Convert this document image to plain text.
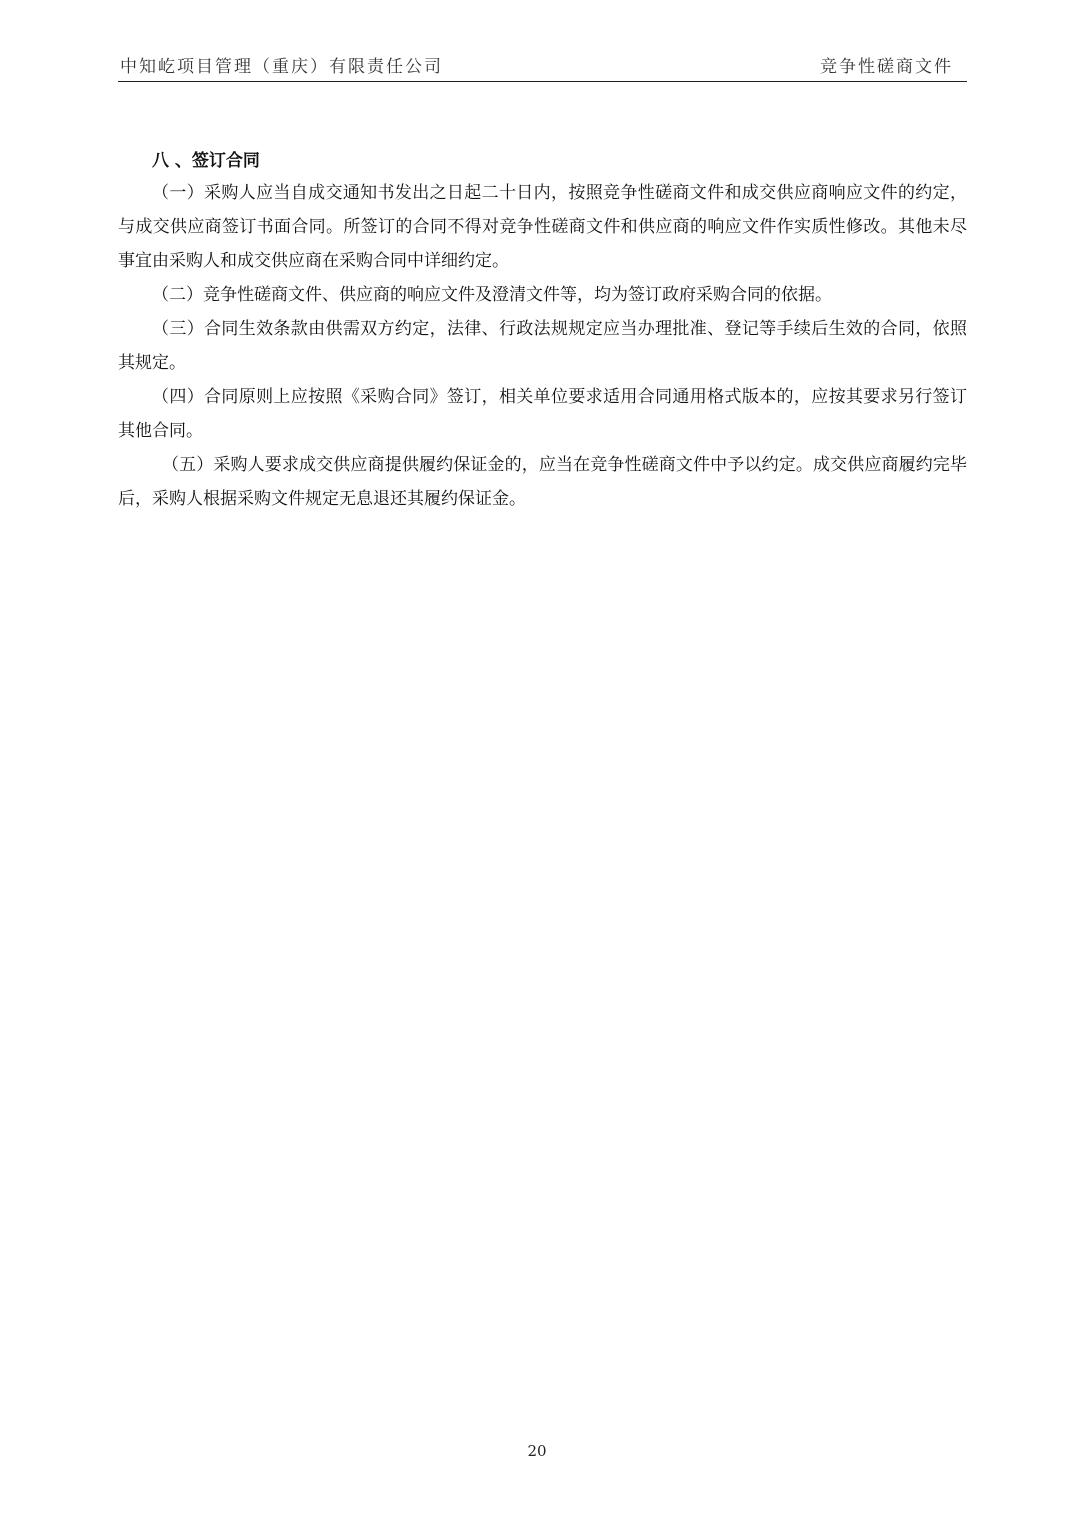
中知屹项目管理（重庆）有限责任公司	竞争性磋商文件
八 、签订合同

（一）采购人应当自成交通知书发出之日起二十日内，按照竞争性磋商文件和成交供应商响应文件的约定，与成交供应商签订书面合同。所签订的合同不得对竞争性磋商文件和供应商的响应文件作实质性修改。其他未尽事宜由采购人和成交供应商在采购合同中详细约定。

（二）竞争性磋商文件、供应商的响应文件及澄清文件等，均为签订政府采购合同的依据。

（三）合同生效条款由供需双方约定，法律、行政法规规定应当办理批准、登记等手续后生效的合同，依照其规定。

（四）合同原则上应按照《采购合同》签订，相关单位要求适用合同通用格式版本的，应按其要求另行签订其他合同。

（五）采购人要求成交供应商提供履约保证金的，应当在竞争性磋商文件中予以约定。成交供应商履约完毕后，采购人根据采购文件规定无息退还其履约保证金。

20
